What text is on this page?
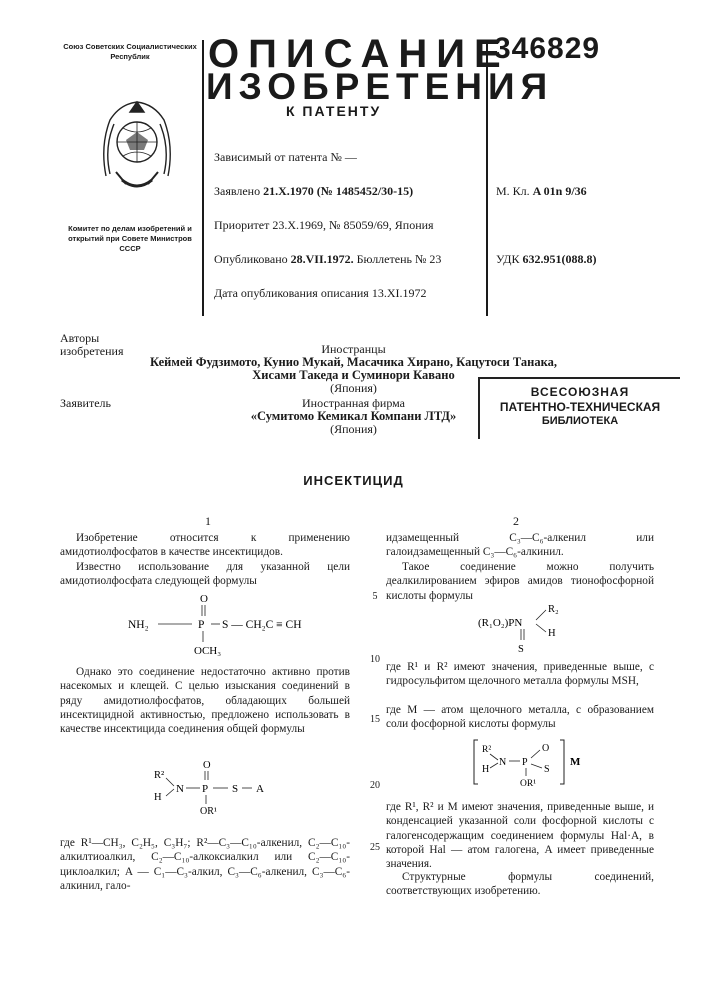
Союз Советских Социалистических Республик
Комитет по делам изобретений и открытий при Совете Министров СССР
ОПИСАНИЕ
ИЗОБРЕТЕНИЯ
К ПАТЕНТУ
346829
Зависимый от патента № —
Заявлено 21.X.1970 (№ 1485452/30-15)
Приоритет 23.X.1969, № 85059/69, Япония
Опубликовано 28.VII.1972. Бюллетень № 23
Дата опубликования описания 13.XI.1972
М. Кл. A 01n 9/36
УДК 632.951(088.8)
Авторы изобретения	Иностранцы
Кеймей Фудзимото, Кунио Мукай, Масачика Хирано, Кацутоси Танака,
Хисами Такеда и Суминори Кавано
(Япония)
Заявитель	Иностранная фирма
«Сумитомо Кемикал Компани ЛТД»
(Япония)
ВСЕСОЮЗНАЯ
ПАТЕНТНО-ТЕХНИЧЕСКАЯ
БИБЛИОТЕКА
ИНСЕКТИЦИД
1	2
5
10
15
20
25

Изобретение относится к применению амидотиолфосфатов в качестве инсектицидов.

Известно использование для указанной цели амидотиолфосфата следующей формулы

O
NH₂	P S — CH₂C ≡ CH
OCH₃

Однако это соединение недостаточно активно против насекомых и клещей. С целью изыскания соединений в ряду амидотиолфосфатов, обладающих большей инсектицидной активностью, предложено использовать в качестве инсектицида соединения общей формулы

R²
H
N
O
P S A
OR¹

где R¹—CH₃, C₂H₅, C₃H₇; R²—C₃—C₁₀-алкенил, C₂—C₁₀-алкилтиоалкил, C₂—C₁₀-алкоксиалкил или C₂—C₁₀-циклоалкил; A — C₁—C₃-алкил, C₃—C₆-алкенил, C₃—C₆-алкинил, гало-

идзамещенный C₃—C₆-алкенил или галоидзамещенный C₃—C₆-алкинил.

Такое соединение можно получить деалкилированием эфиров амидов тионофосфорной кислоты формулы

(R₁O₂)PN
R₂
H
S

где R¹ и R² имеют значения, приведенные выше, с гидросульфитом щелочного металла формулы MSH,

где M — атом щелочного металла, с образованием соли фосфорной кислоты формулы

R²
H
N P
O
S
OR¹
M

где R¹, R² и M имеют значения, приведенные выше, и конденсацией указанной соли фосфорной кислоты с галогенсодержащим соединением формулы Hal·A, в которой Hal — атом галогена, A имеет приведенные значения.

Структурные формулы соединений, соответствующих изобретению.
